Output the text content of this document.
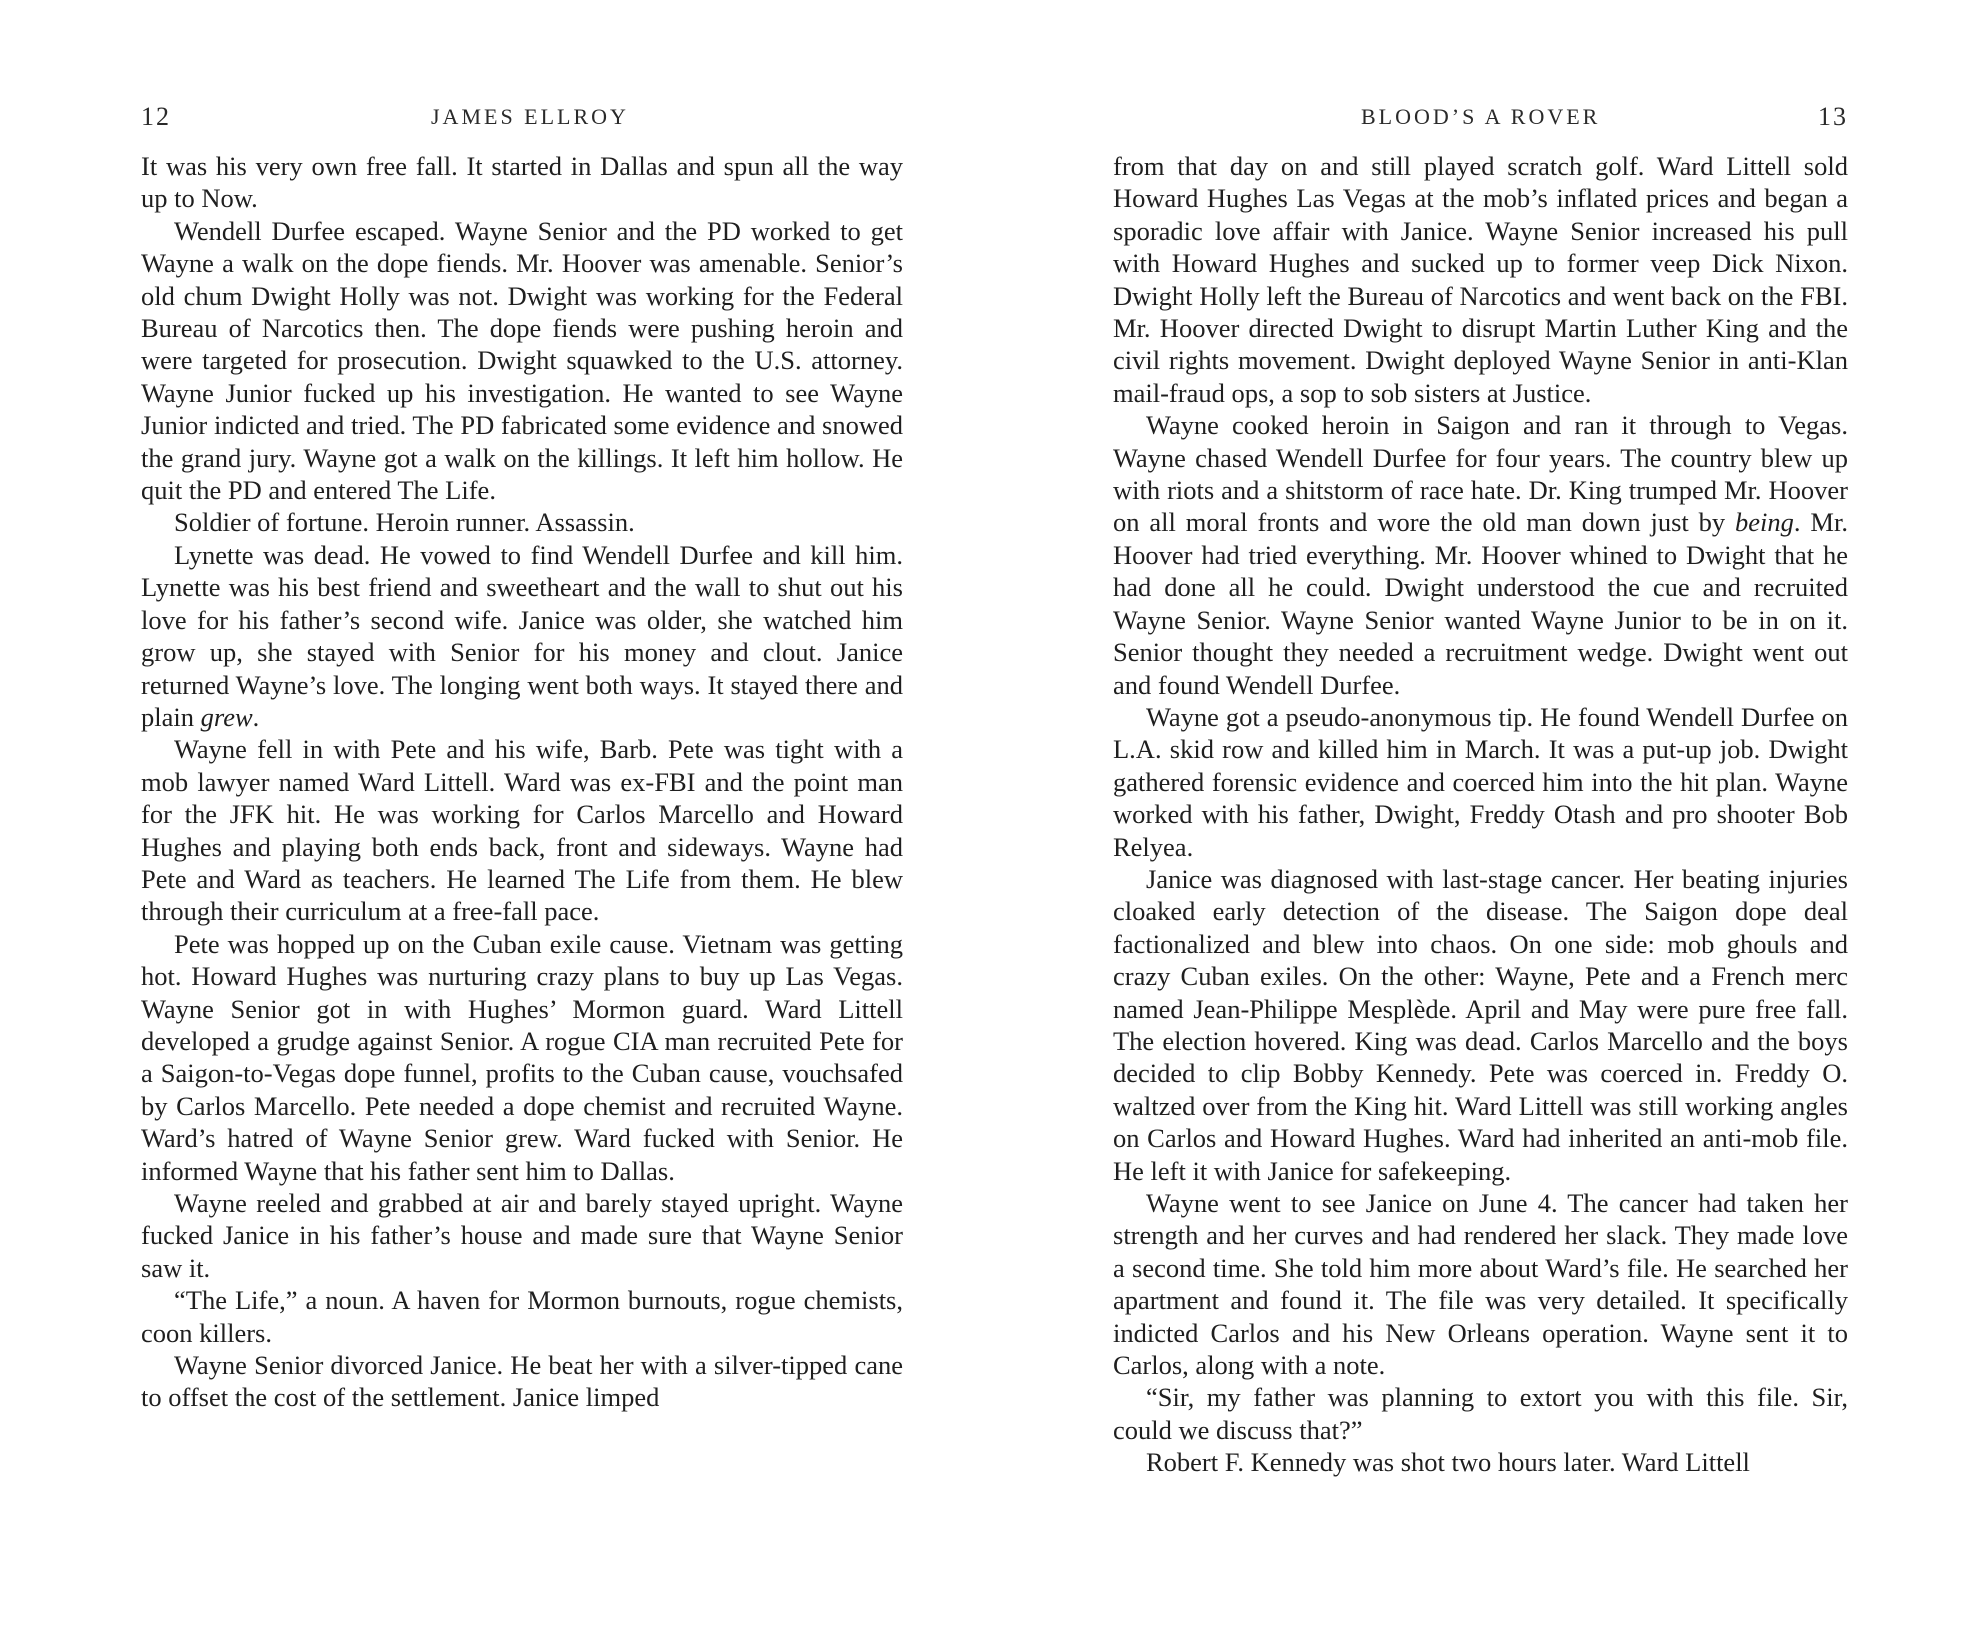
12	JAMES ELLROY

It was his very own free fall. It started in Dallas and spun all the way up to Now.

Wendell Durfee escaped. Wayne Senior and the PD worked to get Wayne a walk on the dope fiends. Mr. Hoover was amenable. Senior’s old chum Dwight Holly was not. Dwight was working for the Federal Bureau of Narcotics then. The dope fiends were pushing heroin and were targeted for prosecution. Dwight squawked to the U.S. attorney. Wayne Junior fucked up his investigation. He wanted to see Wayne Junior indicted and tried. The PD fabricated some evidence and snowed the grand jury. Wayne got a walk on the killings. It left him hollow. He quit the PD and entered The Life.

Soldier of fortune. Heroin runner. Assassin.

Lynette was dead. He vowed to find Wendell Durfee and kill him. Lynette was his best friend and sweetheart and the wall to shut out his love for his father’s second wife. Janice was older, she watched him grow up, she stayed with Senior for his money and clout. Janice returned Wayne’s love. The longing went both ways. It stayed there and plain grew.

Wayne fell in with Pete and his wife, Barb. Pete was tight with a mob lawyer named Ward Littell. Ward was ex-FBI and the point man for the JFK hit. He was working for Carlos Marcello and Howard Hughes and playing both ends back, front and sideways. Wayne had Pete and Ward as teachers. He learned The Life from them. He blew through their curriculum at a free-fall pace.

Pete was hopped up on the Cuban exile cause. Vietnam was getting hot. Howard Hughes was nurturing crazy plans to buy up Las Vegas. Wayne Senior got in with Hughes’ Mormon guard. Ward Littell developed a grudge against Senior. A rogue CIA man recruited Pete for a Saigon-to-Vegas dope funnel, profits to the Cuban cause, vouchsafed by Carlos Marcello. Pete needed a dope chemist and recruited Wayne. Ward’s hatred of Wayne Senior grew. Ward fucked with Senior. He informed Wayne that his father sent him to Dallas.

Wayne reeled and grabbed at air and barely stayed upright. Wayne fucked Janice in his father’s house and made sure that Wayne Senior saw it.

“The Life,” a noun. A haven for Mormon burnouts, rogue chemists, coon killers.

Wayne Senior divorced Janice. He beat her with a silver-tipped cane to offset the cost of the settlement. Janice limped

BLOOD’S A ROVER	13

from that day on and still played scratch golf. Ward Littell sold Howard Hughes Las Vegas at the mob’s inflated prices and began a sporadic love affair with Janice. Wayne Senior increased his pull with Howard Hughes and sucked up to former veep Dick Nixon. Dwight Holly left the Bureau of Narcotics and went back on the FBI. Mr. Hoover directed Dwight to disrupt Martin Luther King and the civil rights movement. Dwight deployed Wayne Senior in anti-Klan mail-fraud ops, a sop to sob sisters at Justice.

Wayne cooked heroin in Saigon and ran it through to Vegas. Wayne chased Wendell Durfee for four years. The country blew up with riots and a shitstorm of race hate. Dr. King trumped Mr. Hoover on all moral fronts and wore the old man down just by being. Mr. Hoover had tried everything. Mr. Hoover whined to Dwight that he had done all he could. Dwight understood the cue and recruited Wayne Senior. Wayne Senior wanted Wayne Junior to be in on it. Senior thought they needed a recruitment wedge. Dwight went out and found Wendell Durfee.

Wayne got a pseudo-anonymous tip. He found Wendell Durfee on L.A. skid row and killed him in March. It was a put-up job. Dwight gathered forensic evidence and coerced him into the hit plan. Wayne worked with his father, Dwight, Freddy Otash and pro shooter Bob Relyea.

Janice was diagnosed with last-stage cancer. Her beating injuries cloaked early detection of the disease. The Saigon dope deal factionalized and blew into chaos. On one side: mob ghouls and crazy Cuban exiles. On the other: Wayne, Pete and a French merc named Jean-Philippe Mesplède. April and May were pure free fall. The election hovered. King was dead. Carlos Marcello and the boys decided to clip Bobby Kennedy. Pete was coerced in. Freddy O. waltzed over from the King hit. Ward Littell was still working angles on Carlos and Howard Hughes. Ward had inherited an anti-mob file. He left it with Janice for safekeeping.

Wayne went to see Janice on June 4. The cancer had taken her strength and her curves and had rendered her slack. They made love a second time. She told him more about Ward’s file. He searched her apartment and found it. The file was very detailed. It specifically indicted Carlos and his New Orleans operation. Wayne sent it to Carlos, along with a note.

“Sir, my father was planning to extort you with this file. Sir, could we discuss that?”

Robert F. Kennedy was shot two hours later. Ward Littell
